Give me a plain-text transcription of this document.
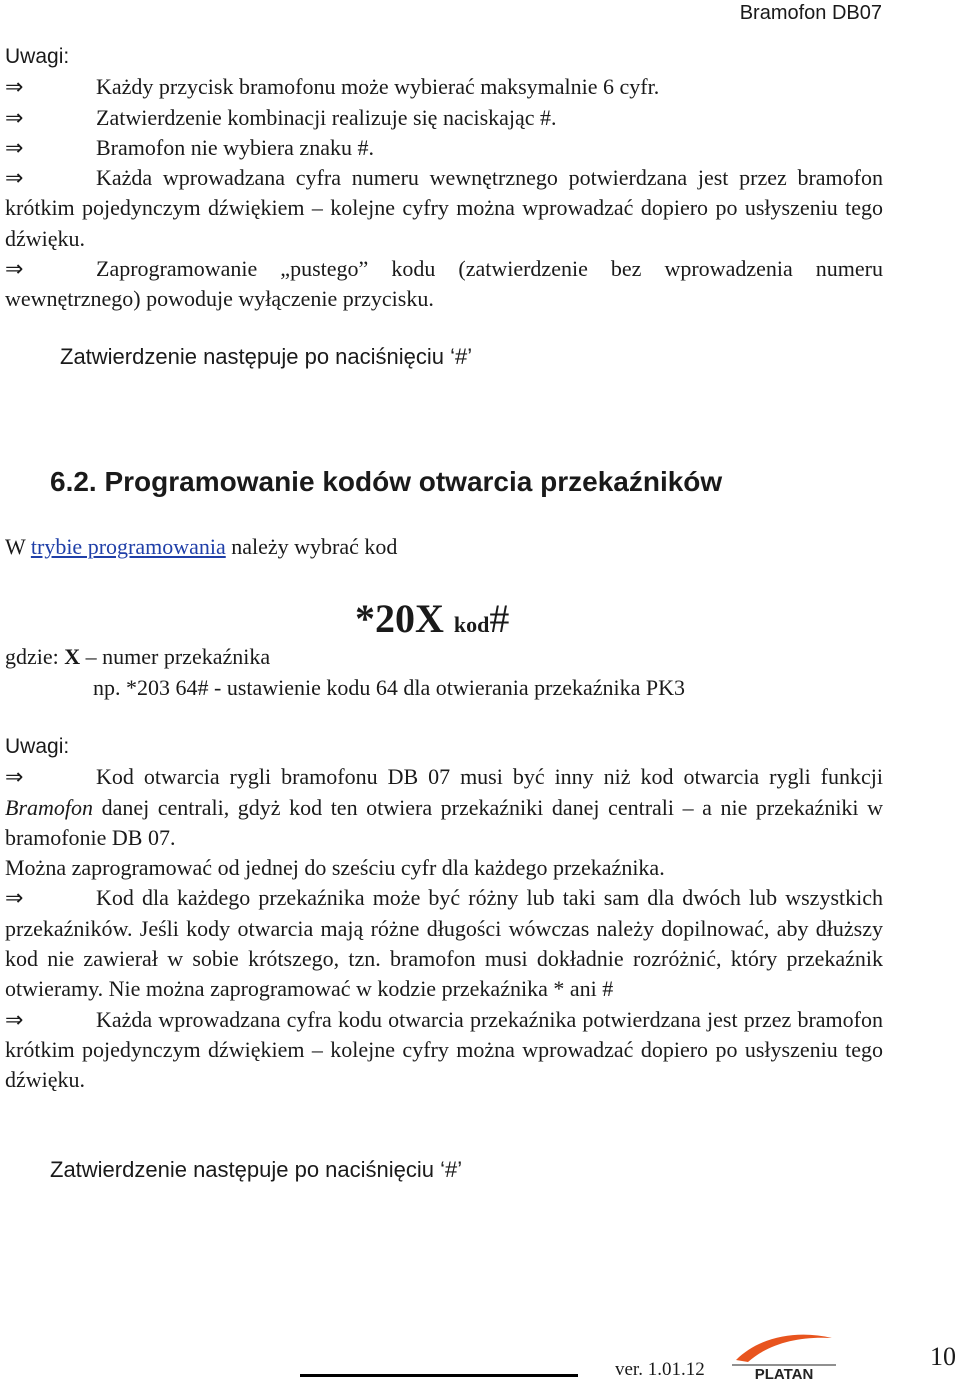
Bramofon DB07
Uwagi:
⇒	Każdy przycisk bramofonu może wybierać maksymalnie 6 cyfr.
⇒	Zatwierdzenie kombinacji realizuje się naciskając #.
⇒	Bramofon nie wybiera znaku #.
⇒	Każda wprowadzana cyfra numeru wewnętrznego potwierdzana jest przez bramofon krótkim pojedynczym dźwiękiem – kolejne cyfry można wprowadzać dopiero po usłyszeniu tego dźwięku.
⇒	Zaprogramowanie „pustego” kodu (zatwierdzenie bez wprowadzenia numeru wewnętrznego) powoduje wyłączenie przycisku.
Zatwierdzenie następuje po naciśnięciu ‘#’
6.2. Programowanie kodów otwarcia przekaźników
W trybie programowania należy wybrać kod
*20X kod#
gdzie: X – numer przekaźnika
np. *203 64# - ustawienie kodu 64 dla otwierania przekaźnika PK3
Uwagi:
⇒	Kod otwarcia rygli bramofonu DB 07 musi być inny niż kod otwarcia rygli funkcji Bramofon danej centrali, gdyż kod ten otwiera przekaźniki danej centrali – a nie przekaźniki w bramofonie DB 07.
Można zaprogramować od jednej do sześciu cyfr dla każdego przekaźnika.
⇒	Kod dla każdego przekaźnika może być różny lub taki sam dla dwóch lub wszystkich przekaźników. Jeśli kody otwarcia mają różne długości wówczas należy dopilnować, aby dłuższy kod nie zawierał w sobie krótszego, tzn. bramofon musi dokładnie rozróżnić, który przekaźnik otwieramy. Nie można zaprogramować w kodzie przekaźnika * ani #
⇒	Każda wprowadzana cyfra kodu otwarcia przekaźnika potwierdzana jest przez bramofon krótkim pojedynczym dźwiękiem – kolejne cyfry można wprowadzać dopiero po usłyszeniu tego dźwięku.
Zatwierdzenie następuje po naciśnięciu ‘#’
ver. 1.01.12	PLATAN
10
